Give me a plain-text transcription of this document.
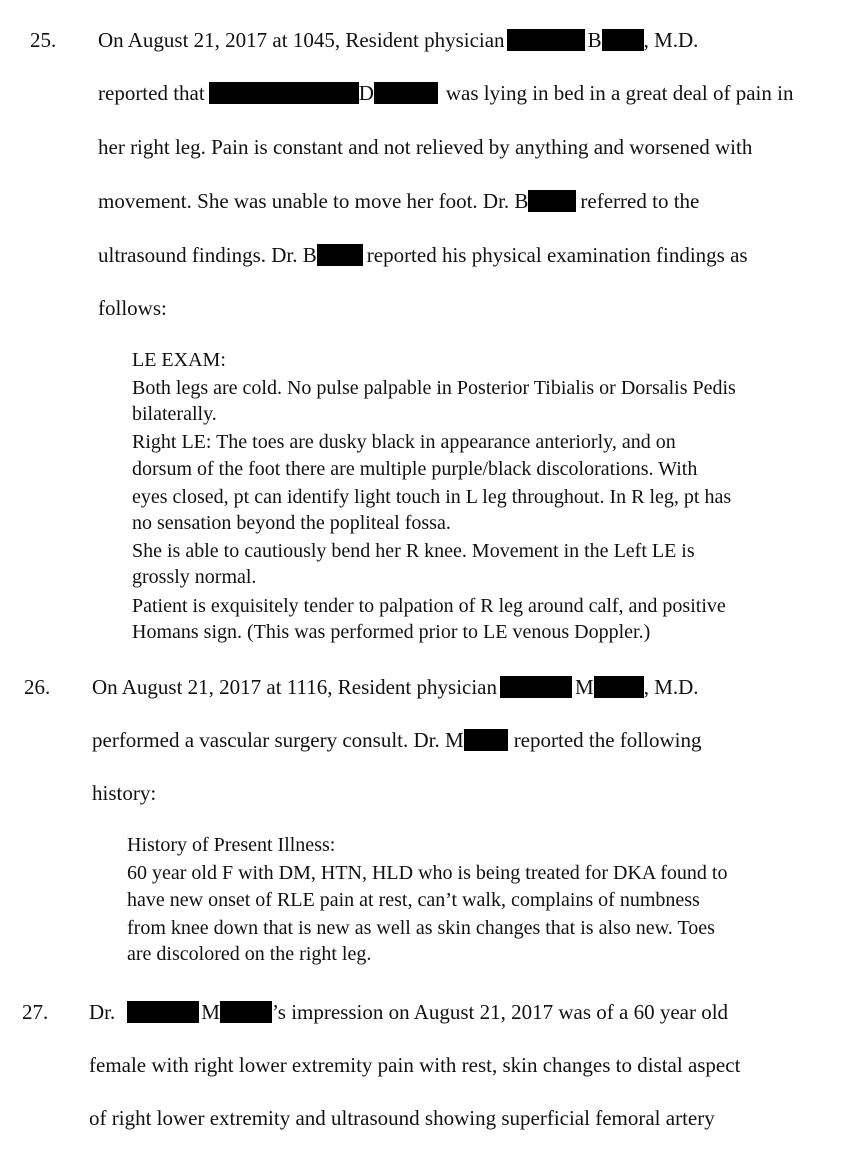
25. On August 21, 2017 at 1045, Resident physician	B , M.D.
reported that	D	was lying in bed in a great deal of pain in
her right leg. Pain is constant and not relieved by anything and worsened with
movement. She was unable to move her foot. Dr. B referred to the
ultrasound findings. Dr. B reported his physical examination findings as
follows:
LE EXAM:
Both legs are cold. No pulse palpable in Posterior Tibialis or Dorsalis Pedis
bilaterally.
Right LE: The toes are dusky black in appearance anteriorly, and on
dorsum of the foot there are multiple purple/black discolorations. With
eyes closed, pt can identify light touch in L leg throughout. In R leg, pt has
no sensation beyond the popliteal fossa.
She is able to cautiously bend her R knee. Movement in the Left LE is
grossly normal.
Patient is exquisitely tender to palpation of R leg around calf, and positive
Homans sign. (This was performed prior to LE venous Doppler.)
26. On August 21, 2017 at 1116, Resident physician	M , M.D.
performed a vascular surgery consult. Dr. M reported the following
history:
History of Present Illness:
60 year old F with DM, HTN, HLD who is being treated for DKA found to
have new onset of RLE pain at rest, can’t walk, complains of numbness
from knee down that is new as well as skin changes that is also new. Toes
are discolored on the right leg.
27. Dr.	M ’s impression on August 21, 2017 was of a 60 year old
female with right lower extremity pain with rest, skin changes to distal aspect
of right lower extremity and ultrasound showing superficial femoral artery
